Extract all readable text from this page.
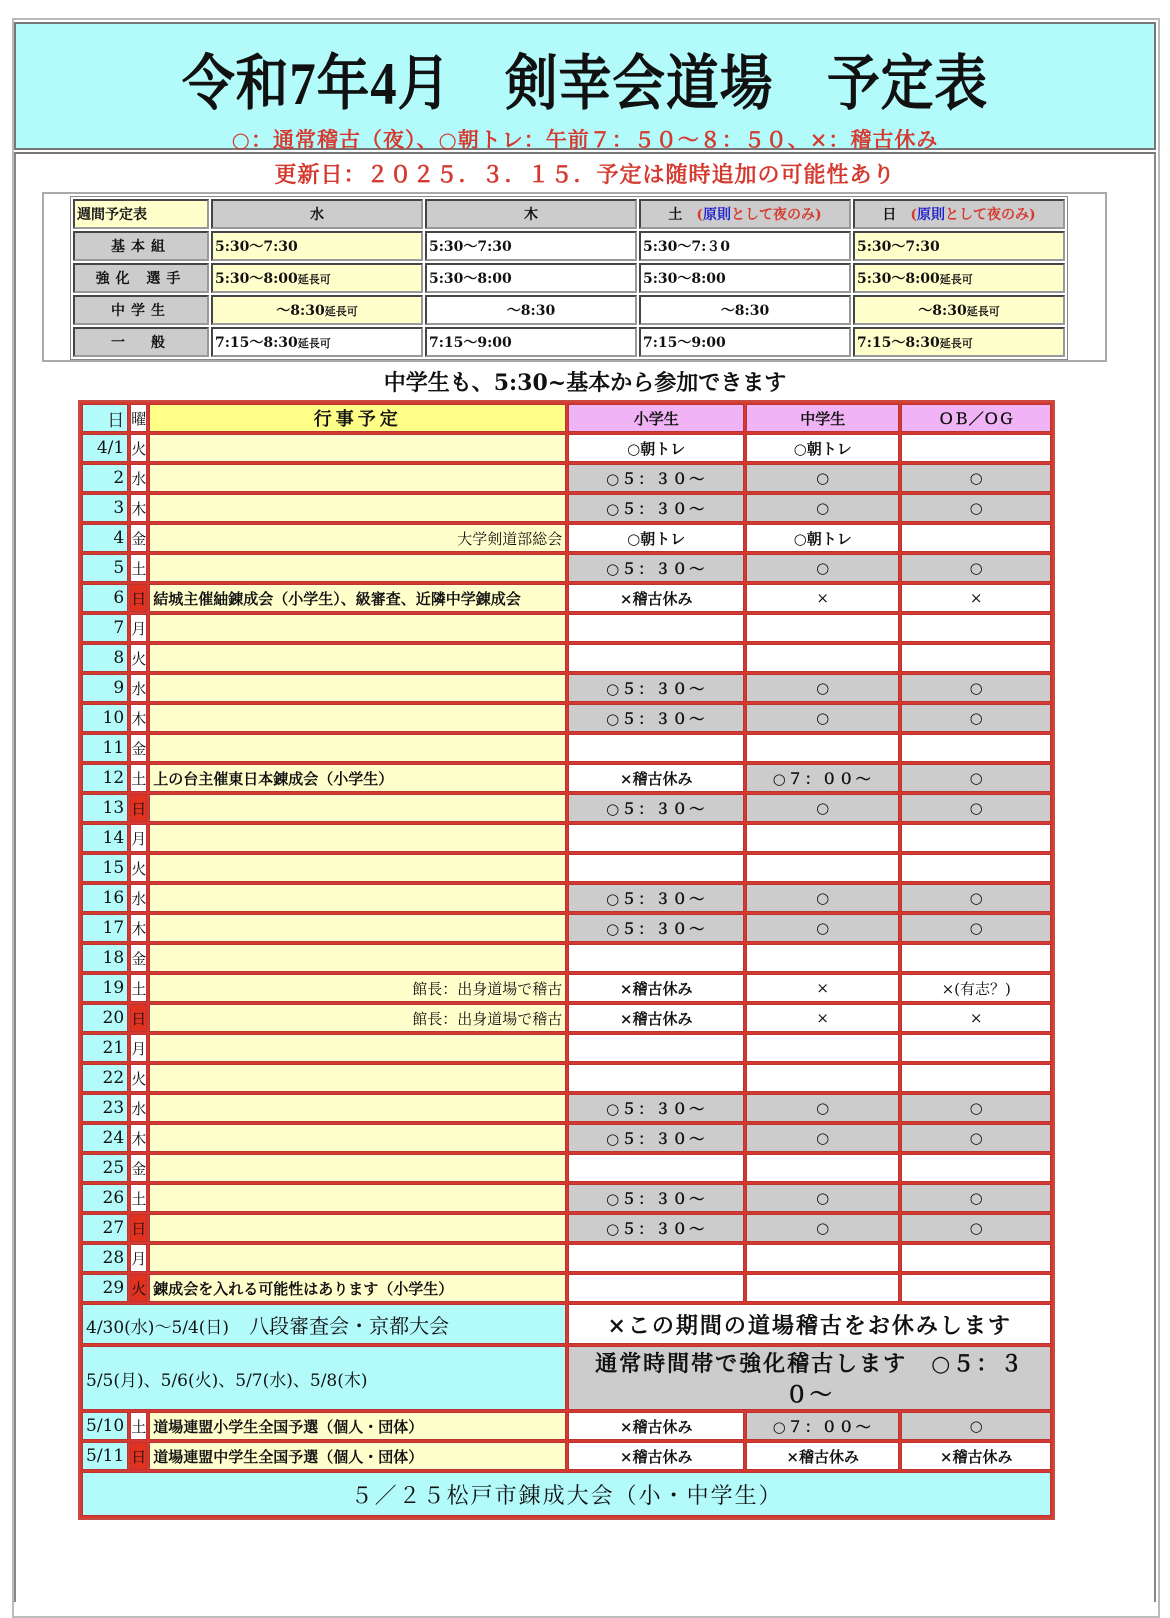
令和7年4月　剣幸会道場　予定表
○：通常稽古（夜）、○朝トレ：午前７：５０〜８：５０、×：稽古休み
更新日：２０２５．３．１５．予定は随時追加の可能性あり
週間予定表	水	木	土　 (原則として夜のみ)	日　 (原則として夜のみ)
基本組	5:30〜7:30	5:30〜7:30	5:30〜7:３0	5:30〜7:30
強化 選手	5:30〜8:00延長可	5:30〜8:00	5:30〜8:00	5:30〜8:00延長可
中学生	〜8:30延長可	〜8:30	〜8:30	〜8:30延長可
一　般	7:15〜8:30延長可	7:15〜9:00	7:15〜9:00	7:15〜8:30延長可
中学生も、5:30~基本から参加できます
日	曜	行事予定	小学生	中学生	ＯＢ／ＯＧ
4/1	火		○朝トレ	○朝トレ	
2	水		○５：３０〜	○	○
3	木		○５：３０〜	○	○
4	金	大学剣道部総会	○朝トレ	○朝トレ	
5	土		○５：３０〜	○	○
6	日	結城主催紬錬成会（小学生）、級審査、近隣中学錬成会	×稽古休み	×	×
7	月				
8	火				
9	水		○５：３０〜	○	○
10	木		○５：３０〜	○	○
11	金				
12	土	上の台主催東日本錬成会（小学生）	×稽古休み	○７：００〜	○
13	日		○５：３０〜	○	○
14	月				
15	火				
16	水		○５：３０〜	○	○
17	木		○５：３０〜	○	○
18	金				
19	土	館長：出身道場で稽古	×稽古休み	×	×(有志？)
20	日	館長：出身道場で稽古	×稽古休み	×	×
21	月				
22	火				
23	水		○５：３０〜	○	○
24	木		○５：３０〜	○	○
25	金				
26	土		○５：３０〜	○	○
27	日		○５：３０〜	○	○
28	月				
29	火	錬成会を入れる可能性はあります（小学生）			
4/30(水)〜5/4(日)　 八段審査会・京都大会			×この期間の道場稽古をお休みします		
5/5(月)、5/6(火)、5/7(水)、5/8(木)			通常時間帯で強化稽古します　○５：３０〜		
5/10	土	道場連盟小学生全国予選（個人・団体）	×稽古休み	○７：００〜	○
5/11	日	道場連盟中学生全国予選（個人・団体）	×稽古休み	×稽古休み	×稽古休み
５／２５松戸市錬成大会（小・中学生）					
